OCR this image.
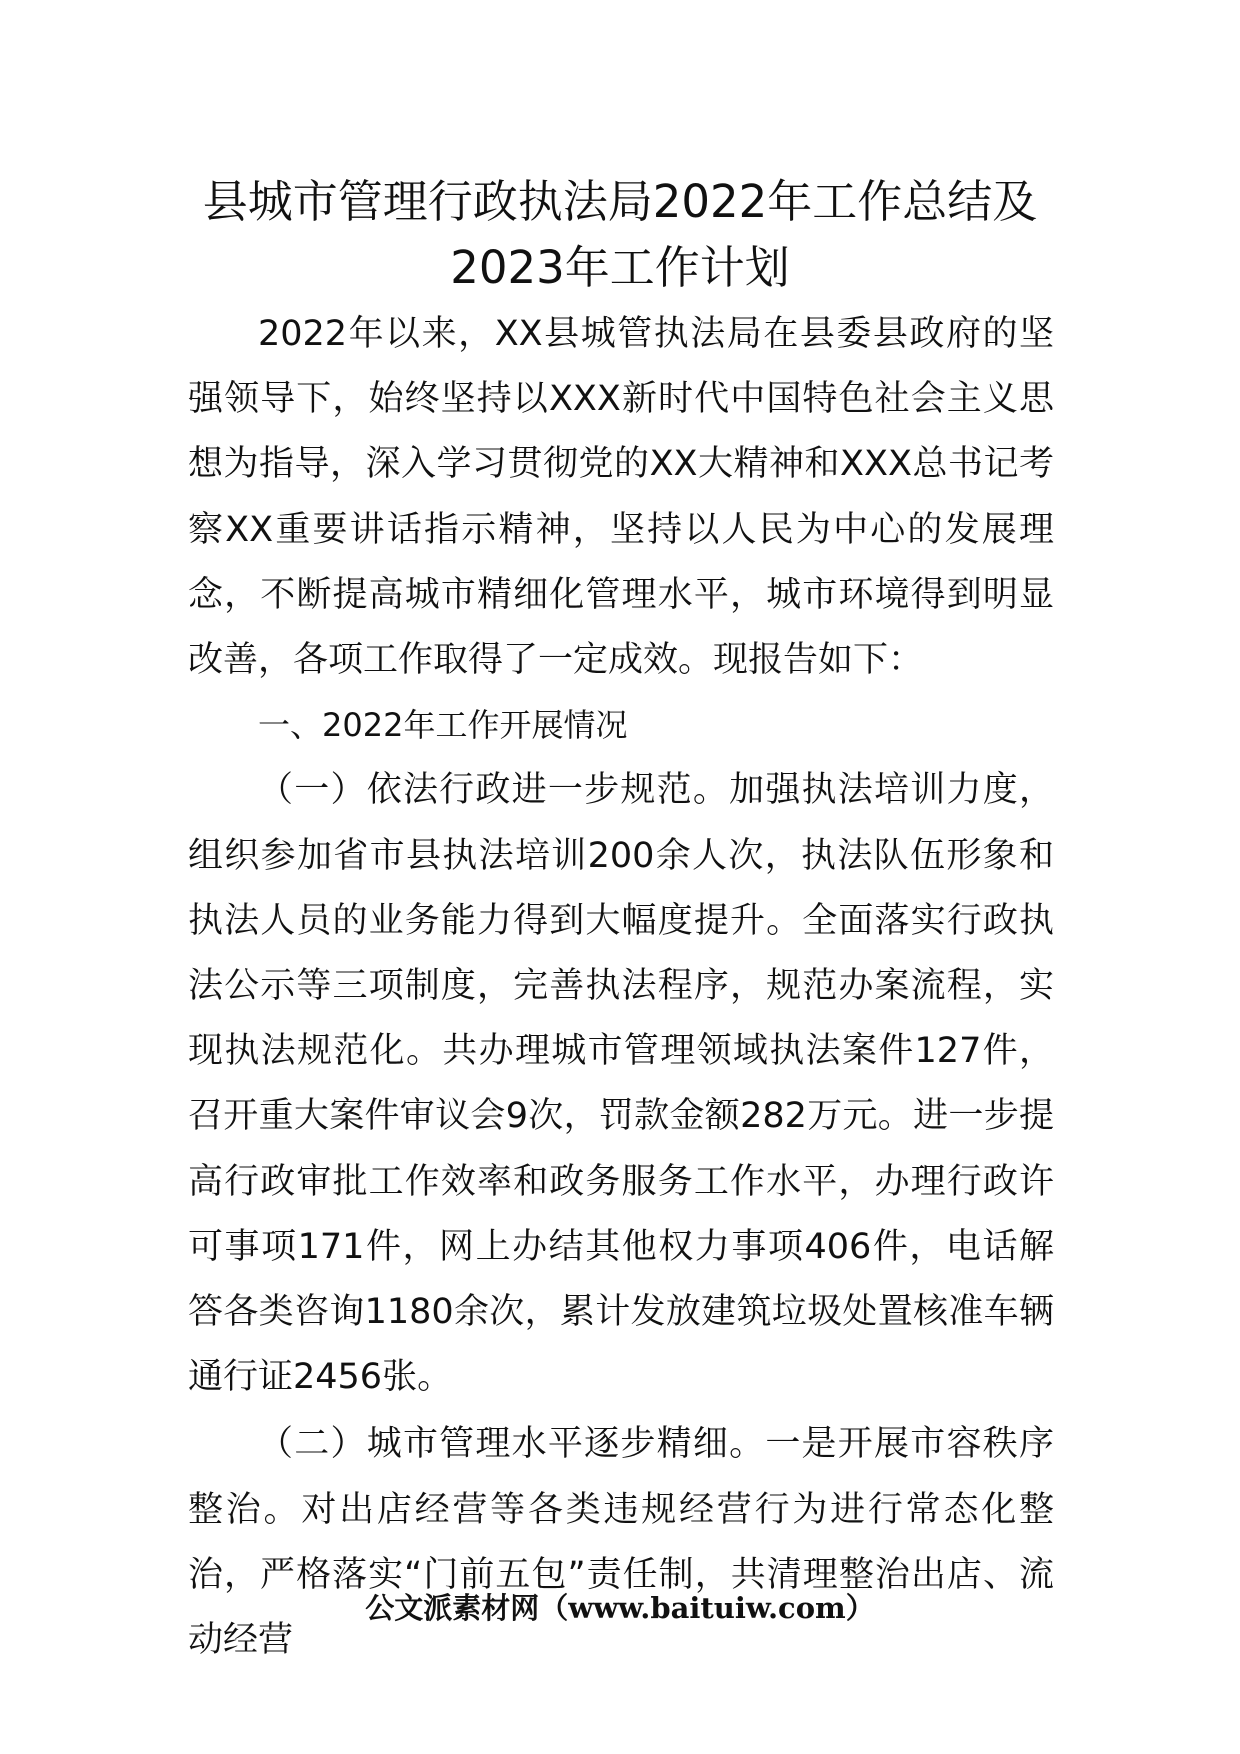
县城市管理行政执法局2022年工作总结及
2023年工作计划

2022年以来，XX县城管执法局在县委县政府的坚强领导下，始终坚持以XXX新时代中国特色社会主义思想为指导，深入学习贯彻党的XX大精神和XXX总书记考察XX重要讲话指示精神，坚持以人民为中心的发展理念，不断提高城市精细化管理水平，城市环境得到明显改善，各项工作取得了一定成效。现报告如下：

一、2022年工作开展情况

（一）依法行政进一步规范。加强执法培训力度，组织参加省市县执法培训200余人次，执法队伍形象和执法人员的业务能力得到大幅度提升。全面落实行政执法公示等三项制度，完善执法程序，规范办案流程，实现执法规范化。共办理城市管理领域执法案件127件，召开重大案件审议会9次，罚款金额282万元。进一步提高行政审批工作效率和政务服务工作水平，办理行政许可事项171件，网上办结其他权力事项406件，电话解答各类咨询1180余次，累计发放建筑垃圾处置核准车辆通行证2456张。

（二）城市管理水平逐步精细。一是开展市容秩序整治。对出店经营等各类违规经营行为进行常态化整治，严格落实“门前五包”责任制，共清理整治出店、流动经营

公文派素材网（www.baituiw.com）
